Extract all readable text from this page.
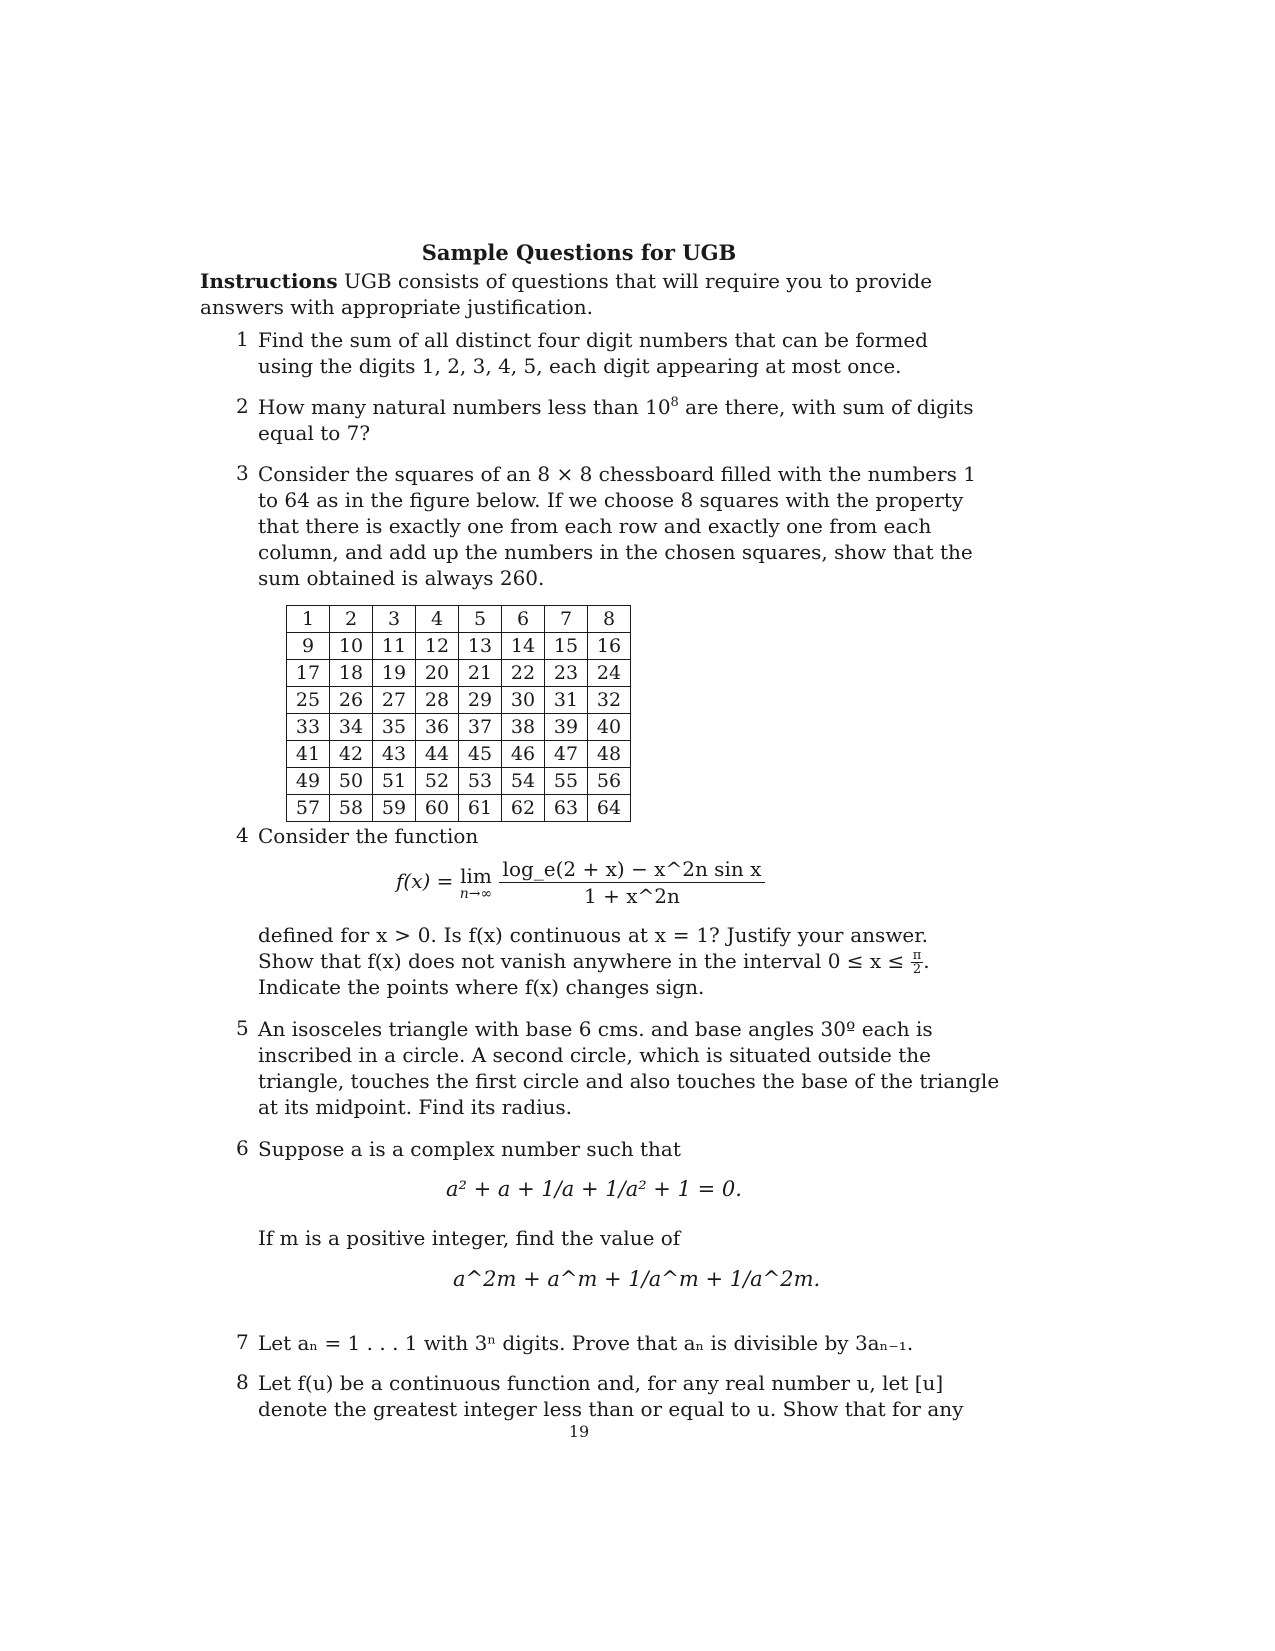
Sample Questions for UGB
Instructions UGB consists of questions that will require you to provide
answers with appropriate justification.
1 Find the sum of all distinct four digit numbers that can be formed
using the digits 1, 2, 3, 4, 5, each digit appearing at most once.
2 How many natural numbers less than $10^8$ are there, with sum of digits
equal to 7?
3 Consider the squares of an 8 × 8 chessboard filled with the numbers 1
to 64 as in the figure below. If we choose 8 squares with the property
that there is exactly one from each row and exactly one from each
column, and add up the numbers in the chosen squares, show that the
sum obtained is always 260.
1	2	3	4	5	6	7	8
9	10	11	12	13	14	15	16
17	18	19	20	21	22	23	24
25	26	27	28	29	30	31	32
33	34	35	36	37	38	39	40
41	42	43	44	45	46	47	48
49	50	51	52	53	54	55	56
57	58	59	60	61	62	63	64
4 Consider the function
f(x) = lim
n→∞
$\frac{\text{log\_e(2 + x) − x\textasciicircum{}2n sin x}}{1 + x\^{}2n}$
defined for x > 0. Is f(x) continuous at x = 1? Justify your answer.
Show that f(x) does not vanish anywhere in the interval $0 \le x \le \frac{\pi}{2}$ .
Indicate the points where f(x) changes sign.
5 An isosceles triangle with base 6 cms. and base angles 30º each is
inscribed in a circle. A second circle, which is situated outside the
triangle, touches the first circle and also touches the base of the triangle
at its midpoint. Find its radius.
6 Suppose a is a complex number such that
a² + a + 1/a + 1/a² + 1 = 0.
If m is a positive integer, find the value of
a^2m + a^m + 1/a^m + 1/a^2m.
7 Let aₙ = 1 . . . 1 with 3ⁿ digits. Prove that aₙ is divisible by 3aₙ₋₁.
8 Let f(u) be a continuous function and, for any real number u, let [u]
denote the greatest integer less than or equal to u. Show that for any
19
